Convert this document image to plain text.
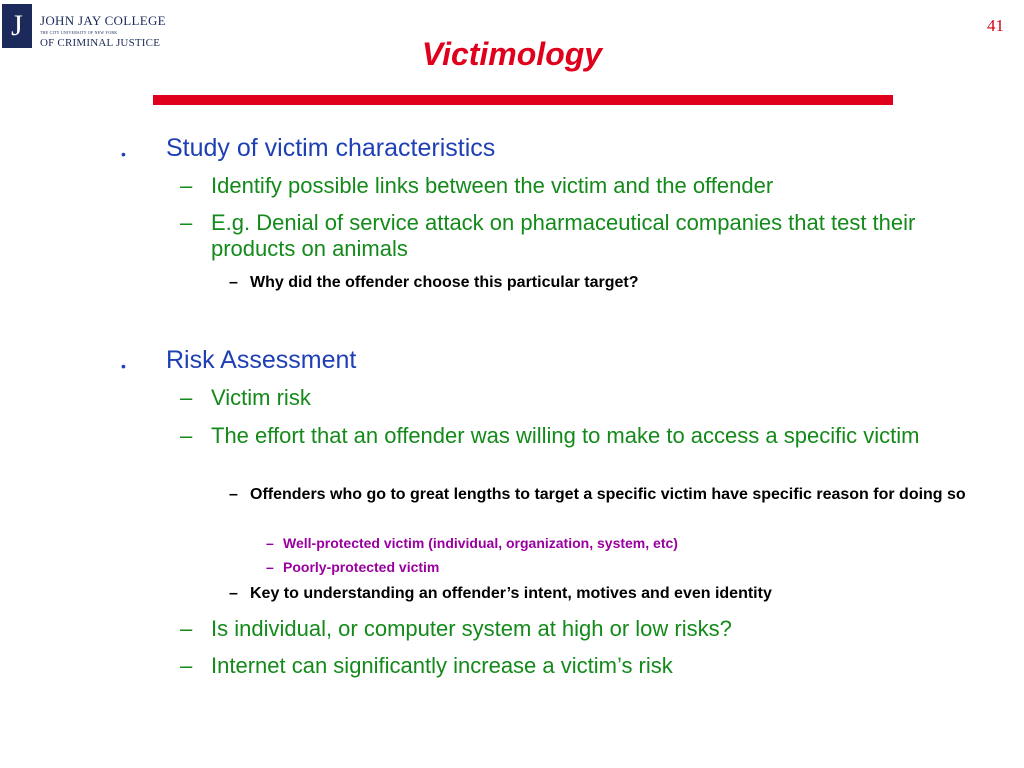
J	JOHN JAY COLLEGE
THE CITY UNIVERSITY OF NEW YORK
OF CRIMINAL JUSTICE
41
Victimology
• Study of victim characteristics
– Identify possible links between the victim and the offender
– E.g. Denial of service attack on pharmaceutical companies that test their products on animals
– Why did the offender choose this particular target?
• Risk Assessment
– Victim risk
– The effort that an offender was willing to make to access a specific victim
– Offenders who go to great lengths to target a specific victim have specific reason for doing so
– Well-protected victim (individual, organization, system, etc)
– Poorly-protected victim
– Key to understanding an offender’s intent, motives and even identity
– Is individual, or computer system at high or low risks?
– Internet can significantly increase a victim’s risk
